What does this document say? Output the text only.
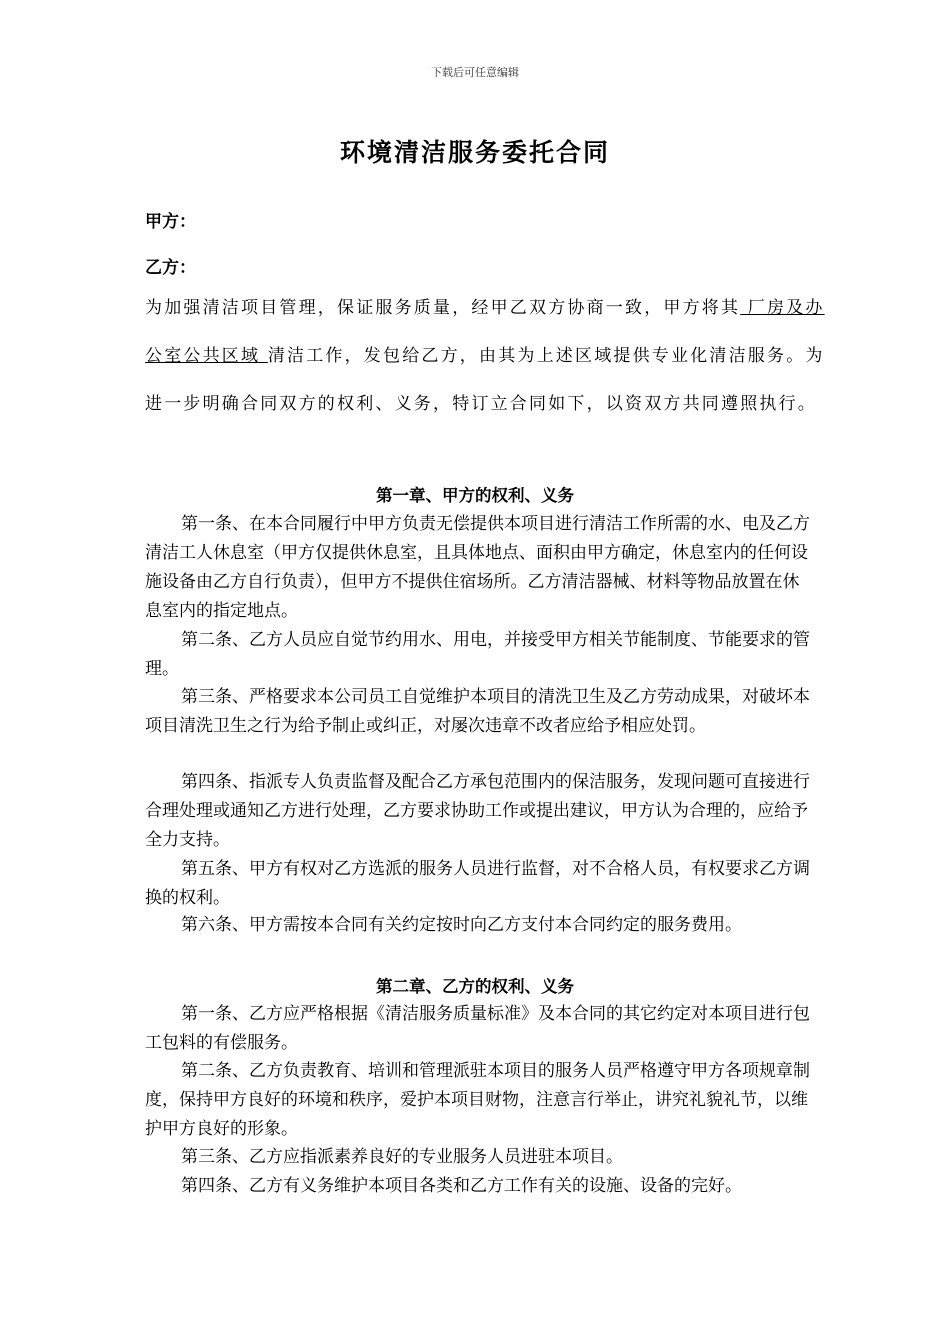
下载后可任意编辑
环境清洁服务委托合同
甲方：
乙方：
为加强清洁项目管理，保证服务质量，经甲乙双方协商一致，甲方将其 厂房及办公室公共区域 清洁工作，发包给乙方，由其为上述区域提供专业化清洁服务。为进一步明确合同双方的权利、义务，特订立合同如下，以资双方共同遵照执行。
第一章、甲方的权利、义务

第一条、在本合同履行中甲方负责无偿提供本项目进行清洁工作所需的水、电及乙方清洁工人休息室（甲方仅提供休息室，且具体地点、面积由甲方确定，休息室内的任何设施设备由乙方自行负责），但甲方不提供住宿场所。乙方清洁器械、材料等物品放置在休息室内的指定地点。

第二条、乙方人员应自觉节约用水、用电，并接受甲方相关节能制度、节能要求的管理。

第三条、严格要求本公司员工自觉维护本项目的清洗卫生及乙方劳动成果，对破坏本项目清洗卫生之行为给予制止或纠正，对屡次违章不改者应给予相应处罚。

第四条、指派专人负责监督及配合乙方承包范围内的保洁服务，发现问题可直接进行合理处理或通知乙方进行处理，乙方要求协助工作或提出建议，甲方认为合理的，应给予全力支持。

第五条、甲方有权对乙方选派的服务人员进行监督，对不合格人员，有权要求乙方调换的权利。

第六条、甲方需按本合同有关约定按时向乙方支付本合同约定的服务费用。

第二章、乙方的权利、义务

第一条、乙方应严格根据《清洁服务质量标准》及本合同的其它约定对本项目进行包工包料的有偿服务。

第二条、乙方负责教育、培训和管理派驻本项目的服务人员严格遵守甲方各项规章制度，保持甲方良好的环境和秩序，爱护本项目财物，注意言行举止，讲究礼貌礼节，以维护甲方良好的形象。

第三条、乙方应指派素养良好的专业服务人员进驻本项目。

第四条、乙方有义务维护本项目各类和乙方工作有关的设施、设备的完好。
